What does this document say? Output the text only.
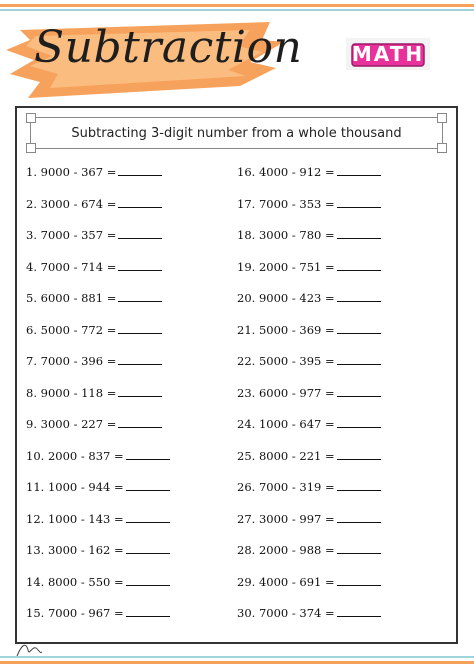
Subtraction MATH
Subtracting 3-digit number from a whole thousand
1. 9000 - 367 =
2. 3000 - 674 =
3. 7000 - 357 =
4. 7000 - 714 =
5. 6000 - 881 =
6. 5000 - 772 =
7. 7000 - 396 =
8. 9000 - 118 =
9. 3000 - 227 =
10. 2000 - 837 =
11. 1000 - 944 =
12. 1000 - 143 =
13. 3000 - 162 =
14. 8000 - 550 =
15. 7000 - 967 =
16. 4000 - 912 =
17. 7000 - 353 =
18. 3000 - 780 =
19. 2000 - 751 =
20. 9000 - 423 =
21. 5000 - 369 =
22. 5000 - 395 =
23. 6000 - 977 =
24. 1000 - 647 =
25. 8000 - 221 =
26. 7000 - 319 =
27. 3000 - 997 =
28. 2000 - 988 =
29. 4000 - 691 =
30. 7000 - 374 =
